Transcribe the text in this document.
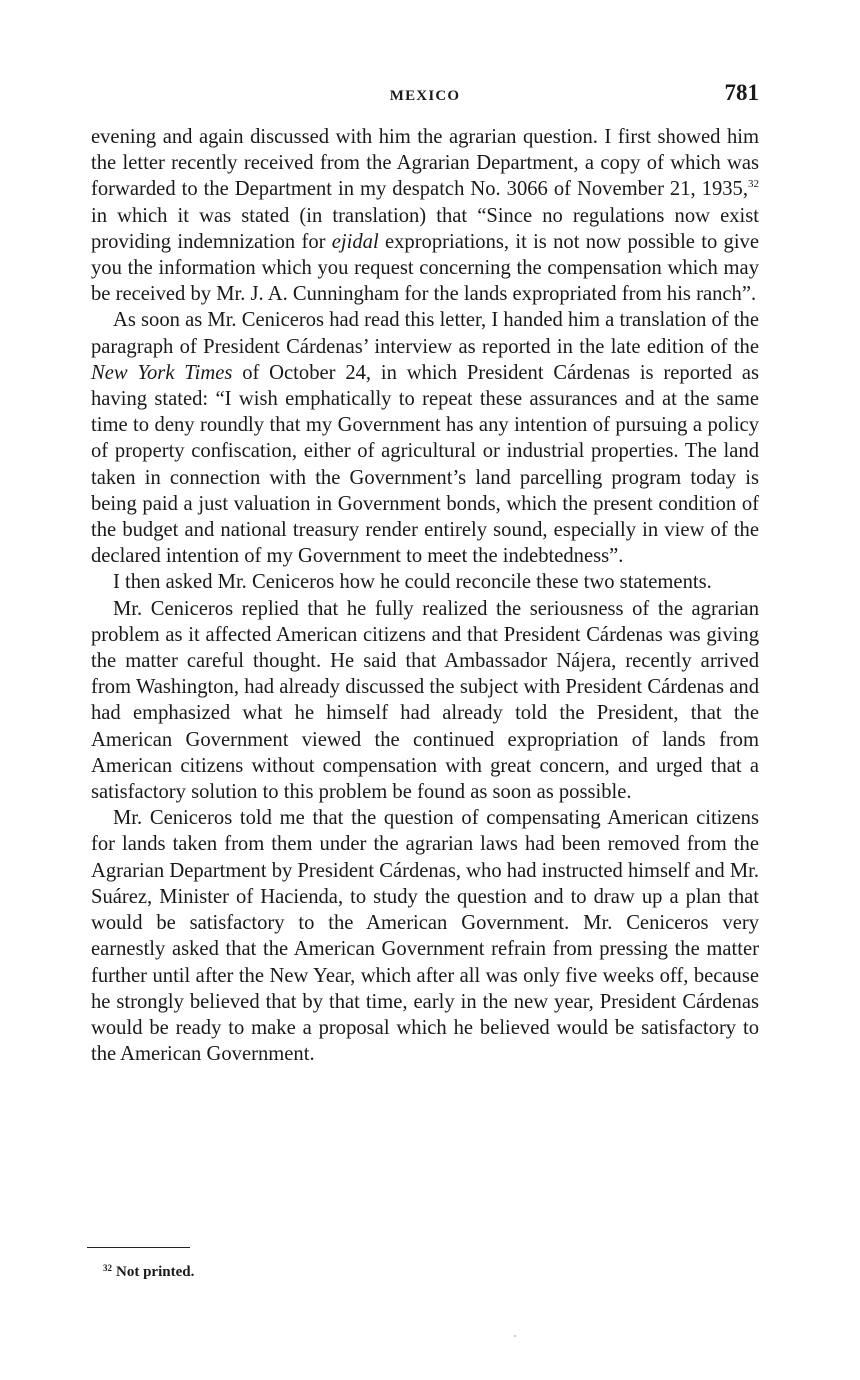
MEXICO	781

evening and again discussed with him the agrarian question. I first showed him the letter recently received from the Agrarian Department, a copy of which was forwarded to the Department in my despatch No. 3066 of November 21, 1935,32 in which it was stated (in translation) that “Since no regulations now exist providing indemnization for ejidal expropriations, it is not now possible to give you the information which you request concerning the compensation which may be received by Mr. J. A. Cunningham for the lands expropriated from his ranch”.

As soon as Mr. Ceniceros had read this letter, I handed him a translation of the paragraph of President Cárdenas’ interview as reported in the late edition of the New York Times of October 24, in which President Cárdenas is reported as having stated: “I wish emphatically to repeat these assurances and at the same time to deny roundly that my Government has any intention of pursuing a policy of property confiscation, either of agricultural or industrial properties. The land taken in connection with the Government’s land parcelling program today is being paid a just valuation in Government bonds, which the present condition of the budget and national treasury render entirely sound, especially in view of the declared intention of my Government to meet the indebtedness”.

I then asked Mr. Ceniceros how he could reconcile these two statements.

Mr. Ceniceros replied that he fully realized the seriousness of the agrarian problem as it affected American citizens and that President Cárdenas was giving the matter careful thought. He said that Ambassador Nájera, recently arrived from Washington, had already discussed the subject with President Cárdenas and had emphasized what he himself had already told the President, that the American Government viewed the continued expropriation of lands from American citizens without compensation with great concern, and urged that a satisfactory solution to this problem be found as soon as possible.

Mr. Ceniceros told me that the question of compensating American citizens for lands taken from them under the agrarian laws had been removed from the Agrarian Department by President Cárdenas, who had instructed himself and Mr. Suárez, Minister of Hacienda, to study the question and to draw up a plan that would be satisfactory to the American Government. Mr. Ceniceros very earnestly asked that the American Government refrain from pressing the matter further until after the New Year, which after all was only five weeks off, because he strongly believed that by that time, early in the new year, President Cárdenas would be ready to make a proposal which he believed would be satisfactory to the American Government.

$^{32}$ Not printed.
